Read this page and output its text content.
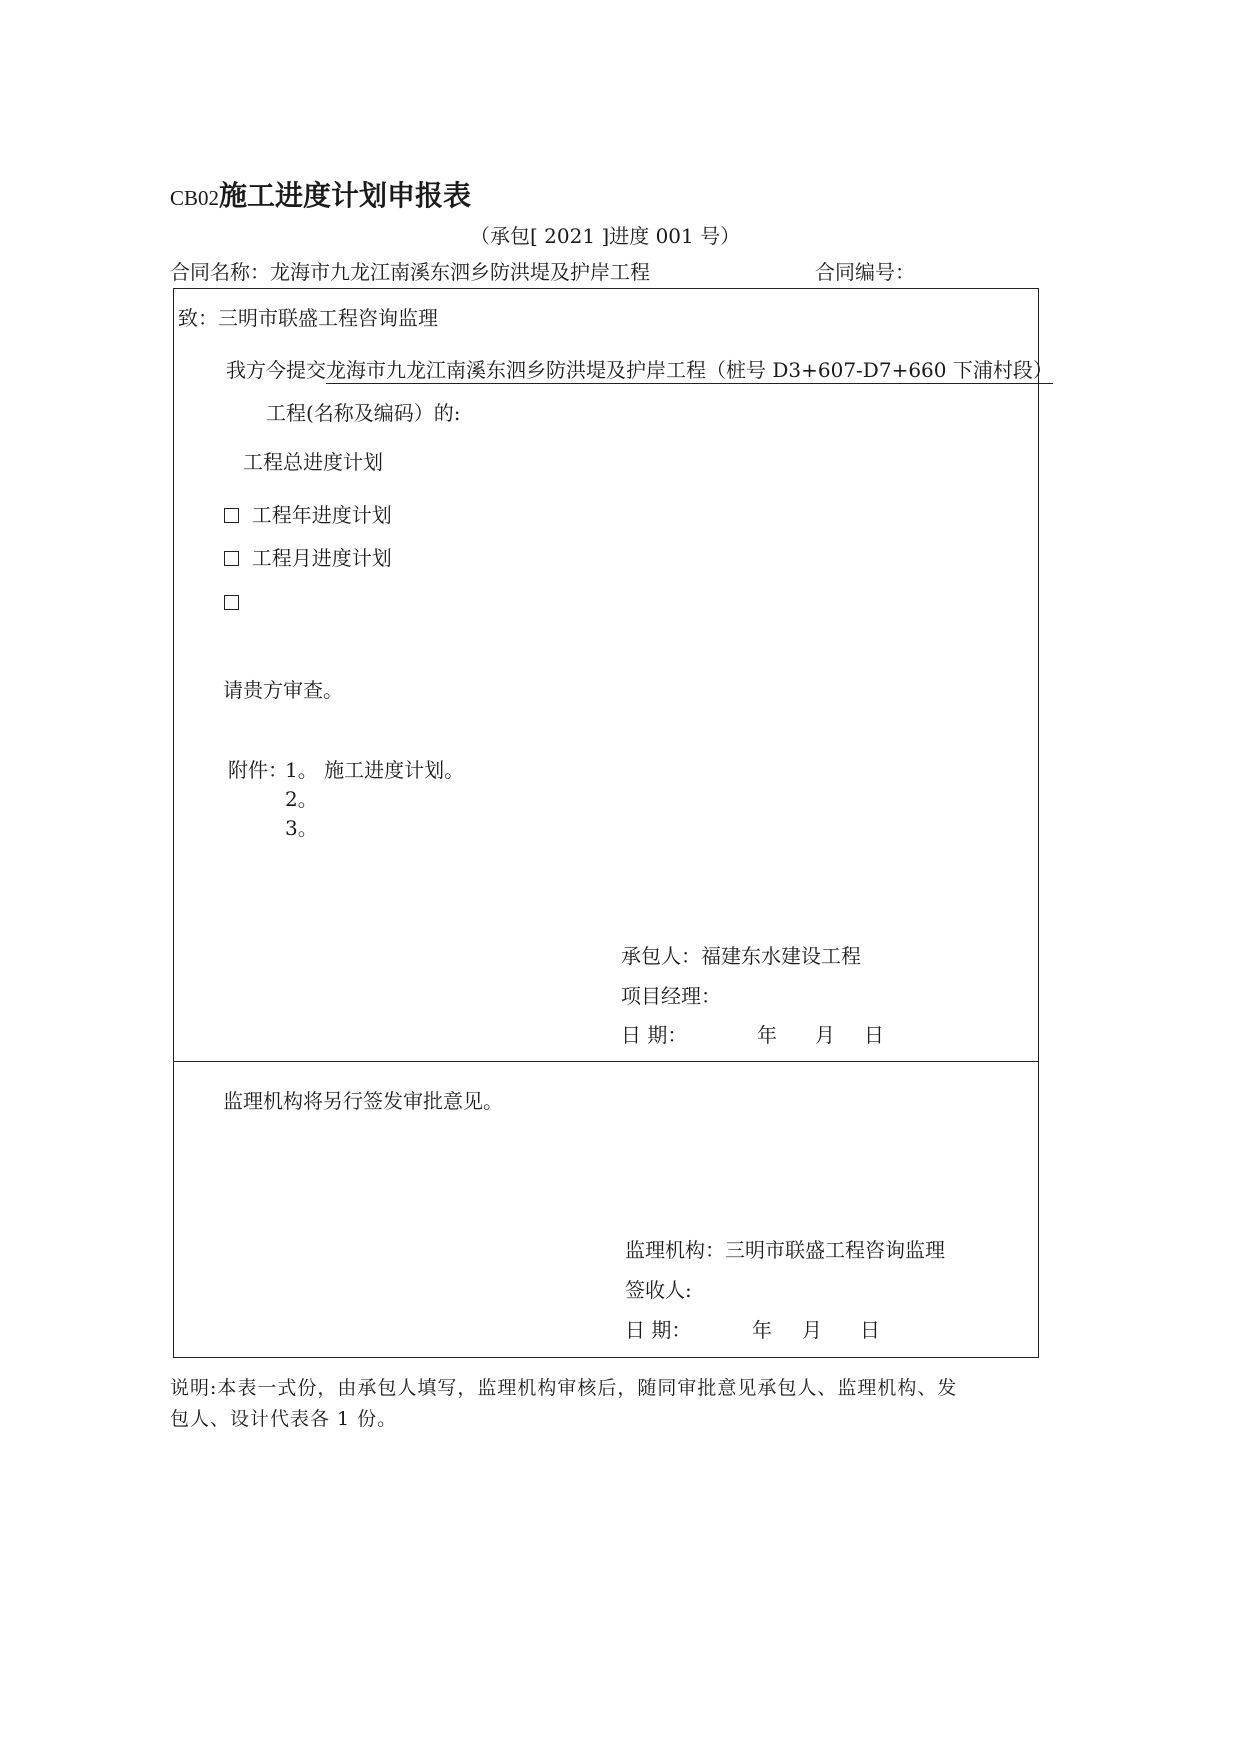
CB02施工进度计划申报表
（承包[ 2021 ]进度 001 号）
合同名称：龙海市九龙江南溪东泗乡防洪堤及护岸工程	合同编号：
致：三明市联盛工程咨询监理
我方今提交龙海市九龙江南溪东泗乡防洪堤及护岸工程（桩号 D3+607-D7+660 下浦村段）
工程(名称及编码）的:
工程总进度计划
工程年进度计划
工程月进度计划

请贵方审查。
附件：
1。 施工进度计划。
2。
3。
承包人：福建东水建设工程
项目经理：
日 期：	年 月 日
监理机构将另行签发审批意见。
监理机构：三明市联盛工程咨询监理
签收人:
日 期：	年 月 日
说明:本表一式份，由承包人填写，监理机构审核后，随同审批意见承包人、监理机构、发
包人、设计代表各 1 份。
